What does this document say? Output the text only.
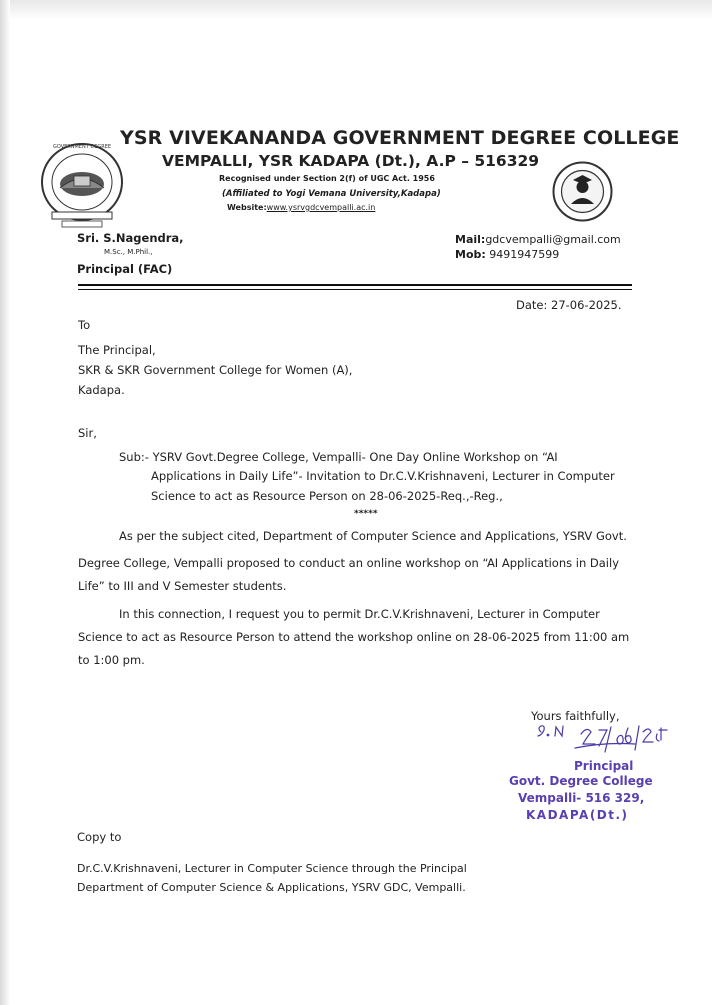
GOVERNMENT DEGREE YSR VIVEKANANDA GOVERNMENT DEGREE COLLEGE
VEMPALLI, YSR KADAPA (Dt.), A.P – 516329
Recognised under Section 2(f) of UGC Act. 1956
(Affiliated to Yogi Vemana University,Kadapa)
Website:www.ysrvgdcvempalli.ac.in
Sri. S.Nagendra,
M.Sc., M.Phil.,
Principal (FAC)
Mail:gdcvempalli@gmail.com
Mob: 9491947599
Date: 27-06-2025.
To
The Principal,
SKR & SKR Government College for Women (A),
Kadapa.
Sir,
Sub:- YSRV Govt.Degree College, Vempalli- One Day Online Workshop on “AI
Applications in Daily Life”- Invitation to Dr.C.V.Krishnaveni, Lecturer in Computer
Science to act as Resource Person on 28-06-2025-Req.,-Reg.,
*****
As per the subject cited, Department of Computer Science and Applications, YSRV Govt.
Degree College, Vempalli proposed to conduct an online workshop on “AI Applications in Daily
Life” to III and V Semester students.
In this connection, I request you to permit Dr.C.V.Krishnaveni, Lecturer in Computer
Science to act as Resource Person to attend the workshop online on 28-06-2025 from 11:00 am
to 1:00 pm.
Yours faithfully,
Principal
Govt. Degree College
Vempalli- 516 329,
KADAPA(Dt.)
Copy to
Dr.C.V.Krishnaveni, Lecturer in Computer Science through the Principal
Department of Computer Science & Applications, YSRV GDC, Vempalli.
